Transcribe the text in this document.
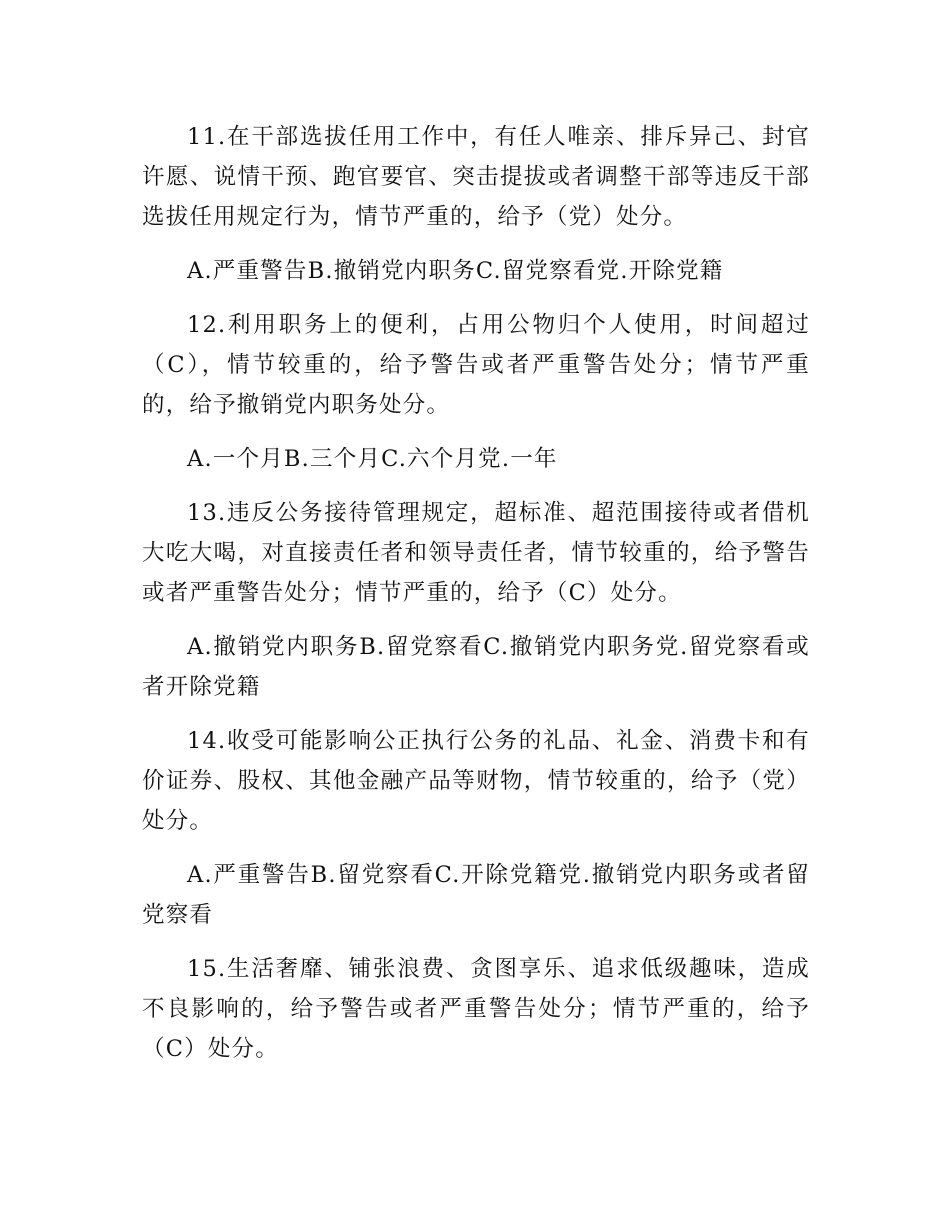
11.在干部选拔任用工作中，有任人唯亲、排斥异己、封官许愿、说情干预、跑官要官、突击提拔或者调整干部等违反干部选拔任用规定行为，情节严重的，给予（党）处分。

A.严重警告B.撤销党内职务C.留党察看党.开除党籍

12.利用职务上的便利，占用公物归个人使用，时间超过（C），情节较重的，给予警告或者严重警告处分；情节严重的，给予撤销党内职务处分。

A.一个月B.三个月C.六个月党.一年

13.违反公务接待管理规定，超标准、超范围接待或者借机大吃大喝，对直接责任者和领导责任者，情节较重的，给予警告或者严重警告处分；情节严重的，给予（C）处分。

A.撤销党内职务B.留党察看C.撤销党内职务党.留党察看或者开除党籍

14.收受可能影响公正执行公务的礼品、礼金、消费卡和有价证券、股权、其他金融产品等财物，情节较重的，给予（党）处分。

A.严重警告B.留党察看C.开除党籍党.撤销党内职务或者留党察看

15.生活奢靡、铺张浪费、贪图享乐、追求低级趣味，造成不良影响的，给予警告或者严重警告处分；情节严重的，给予（C）处分。
